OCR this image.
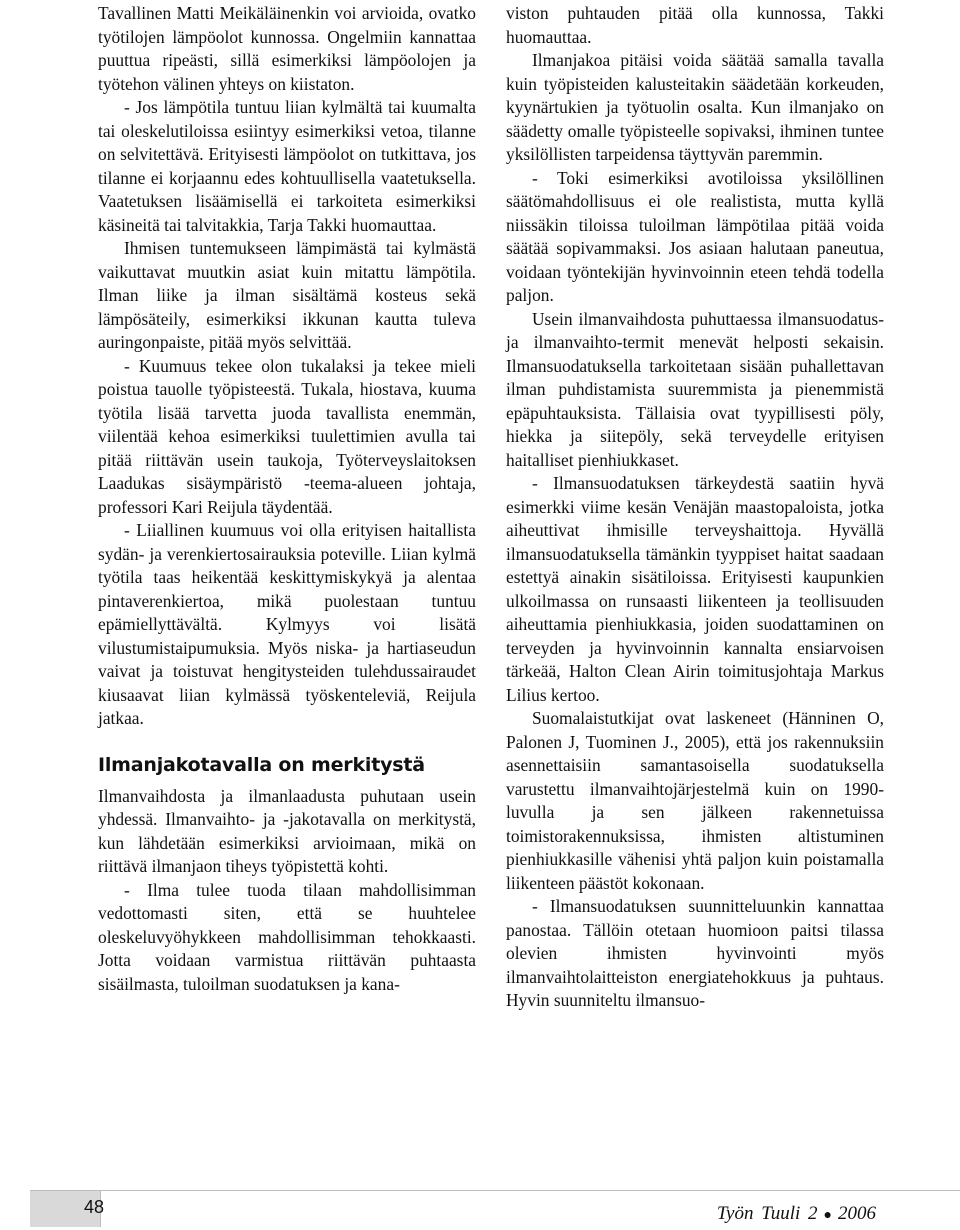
Tavallinen Matti Meikäläinenkin voi arvioida, ovatko työtilojen lämpöolot kunnossa. Ongelmiin kannattaa puuttua ripeästi, sillä esimerkiksi lämpöolojen ja työtehon välinen yhteys on kiistaton.

- Jos lämpötila tuntuu liian kylmältä tai kuumalta tai oleskelutiloissa esiintyy esimerkiksi vetoa, tilanne on selvitettävä. Erityisesti lämpöolot on tutkittava, jos tilanne ei korjaannu edes kohtuullisella vaatetuksella. Vaatetuksen lisäämisellä ei tarkoiteta esimerkiksi käsineitä tai talvitakkia, Tarja Takki huomauttaa.

Ihmisen tuntemukseen lämpimästä tai kylmästä vaikuttavat muutkin asiat kuin mitattu lämpötila. Ilman liike ja ilman sisältämä kosteus sekä lämpösäteily, esimerkiksi ikkunan kautta tuleva auringonpaiste, pitää myös selvittää.

- Kuumuus tekee olon tukalaksi ja tekee mieli poistua tauolle työpisteestä. Tukala, hiostava, kuuma työtila lisää tarvetta juoda tavallista enemmän, viilentää kehoa esimerkiksi tuulettimien avulla tai pitää riittävän usein taukoja, Työterveyslaitoksen Laadukas sisäympäristö -teema-alueen johtaja, professori Kari Reijula täydentää.

- Liiallinen kuumuus voi olla erityisen haitallista sydän- ja verenkiertosairauksia poteville. Liian kylmä työtila taas heikentää keskittymiskykyä ja alentaa pintaverenkiertoa, mikä puolestaan tuntuu epämiellyttävältä. Kylmyys voi lisätä vilustumistaipumuksia. Myös niska- ja hartiaseudun vaivat ja toistuvat hengitysteiden tulehdussairaudet kiusaavat liian kylmässä työskenteleviä, Reijula jatkaa.

Ilmanjakotavalla on merkitystä

Ilmanvaihdosta ja ilmanlaadusta puhutaan usein yhdessä. Ilmanvaihto- ja -jakotavalla on merkitystä, kun lähdetään esimerkiksi arvioimaan, mikä on riittävä ilmanjaon tiheys työpistettä kohti.

- Ilma tulee tuoda tilaan mahdollisimman vedottomasti siten, että se huuhtelee oleskeluvyöhykkeen mahdollisimman tehokkaasti. Jotta voidaan varmistua riittävän puhtaasta sisäilmasta, tuloilman suodatuksen ja kana-

viston puhtauden pitää olla kunnossa, Takki huomauttaa.

Ilmanjakoa pitäisi voida säätää samalla tavalla kuin työpisteiden kalusteitakin säädetään korkeuden, kyynärtukien ja työtuolin osalta. Kun ilmanjako on säädetty omalle työpisteelle sopivaksi, ihminen tuntee yksilöllisten tarpeidensa täyttyvän paremmin.

- Toki esimerkiksi avotiloissa yksilöllinen säätömahdollisuus ei ole realistista, mutta kyllä niissäkin tiloissa tuloilman lämpötilaa pitää voida säätää sopivammaksi. Jos asiaan halutaan paneutua, voidaan työntekijän hyvinvoinnin eteen tehdä todella paljon.

Usein ilmanvaihdosta puhuttaessa ilmansuodatus- ja ilmanvaihto-termit menevät helposti sekaisin. Ilmansuodatuksella tarkoitetaan sisään puhallettavan ilman puhdistamista suuremmista ja pienemmistä epäpuhtauksista. Tällaisia ovat tyypillisesti pöly, hiekka ja siitepöly, sekä terveydelle erityisen haitalliset pienhiukkaset.

- Ilmansuodatuksen tärkeydestä saatiin hyvä esimerkki viime kesän Venäjän maastopaloista, jotka aiheuttivat ihmisille terveyshaittoja. Hyvällä ilmansuodatuksella tämänkin tyyppiset haitat saadaan estettyä ainakin sisätiloissa. Erityisesti kaupunkien ulkoilmassa on runsaasti liikenteen ja teollisuuden aiheuttamia pienhiukkasia, joiden suodattaminen on terveyden ja hyvinvoinnin kannalta ensiarvoisen tärkeää, Halton Clean Airin toimitusjohtaja Markus Lilius kertoo.

Suomalaistutkijat ovat laskeneet (Hänninen O, Palonen J, Tuominen J., 2005), että jos rakennuksiin asennettaisiin samantasoisella suodatuksella varustettu ilmanvaihtojärjestelmä kuin on 1990-luvulla ja sen jälkeen rakennetuissa toimistorakennuksissa, ihmisten altistuminen pienhiukkasille vähenisi yhtä paljon kuin poistamalla liikenteen päästöt kokonaan.

- Ilmansuodatuksen suunnitteluunkin kannattaa panostaa. Tällöin otetaan huomioon paitsi tilassa olevien ihmisten hyvinvointi myös ilmanvaihtolaitteiston energiatehokkuus ja puhtaus. Hyvin suunniteltu ilmansuo-

48	Työn Tuuli 2 ● 2006
